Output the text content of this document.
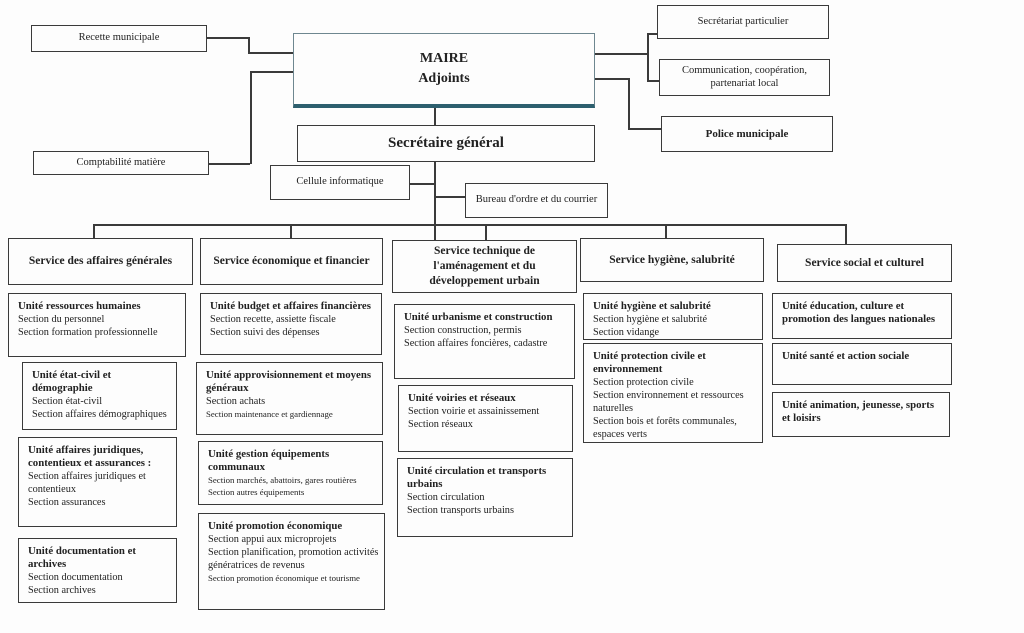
Recette municipale
Comptabilité matière
MAIRE
Adjoints
Secrétariat particulier
Communication, coopération, partenariat local
Police municipale
Secrétaire général
Cellule informatique
Bureau d'ordre et du courrier
Service des affaires générales
Unité ressources humaines
Section du personnel
Section formation professionnelle
Unité état-civil et démographie
Section état-civil
Section affaires démographiques
Unité affaires juridiques, contentieux et assurances :
Section affaires juridiques et contentieux
Section assurances
Unité documentation et archives
Section documentation
Section archives
Service économique et financier
Unité budget et affaires financières
Section recette, assiette fiscale
Section suivi des dépenses
Unité approvisionnement et moyens généraux
Section achats
Section maintenance et gardiennage
Unité gestion équipements communaux
Section marchés, abattoirs, gares routières
Section autres équipements
Unité promotion économique
Section appui aux microprojets
Section planification, promotion activités génératrices de revenus
Section promotion économique et tourisme
Service technique de l'aménagement et du développement urbain
Unité urbanisme et construction
Section construction, permis
Section affaires foncières, cadastre
Unité voiries et réseaux
Section voirie et assainissement
Section réseaux
Unité circulation et transports urbains
Section circulation
Section transports urbains
Service hygiène, salubrité
Unité hygiène et salubrité
Section hygiène et salubrité
Section vidange
Unité protection civile et environnement
Section protection civile
Section environnement et ressources naturelles
Section bois et forêts communales, espaces verts
Service social et culturel
Unité éducation, culture et promotion des langues nationales
Unité santé et action sociale
Unité animation, jeunesse, sports et loisirs
